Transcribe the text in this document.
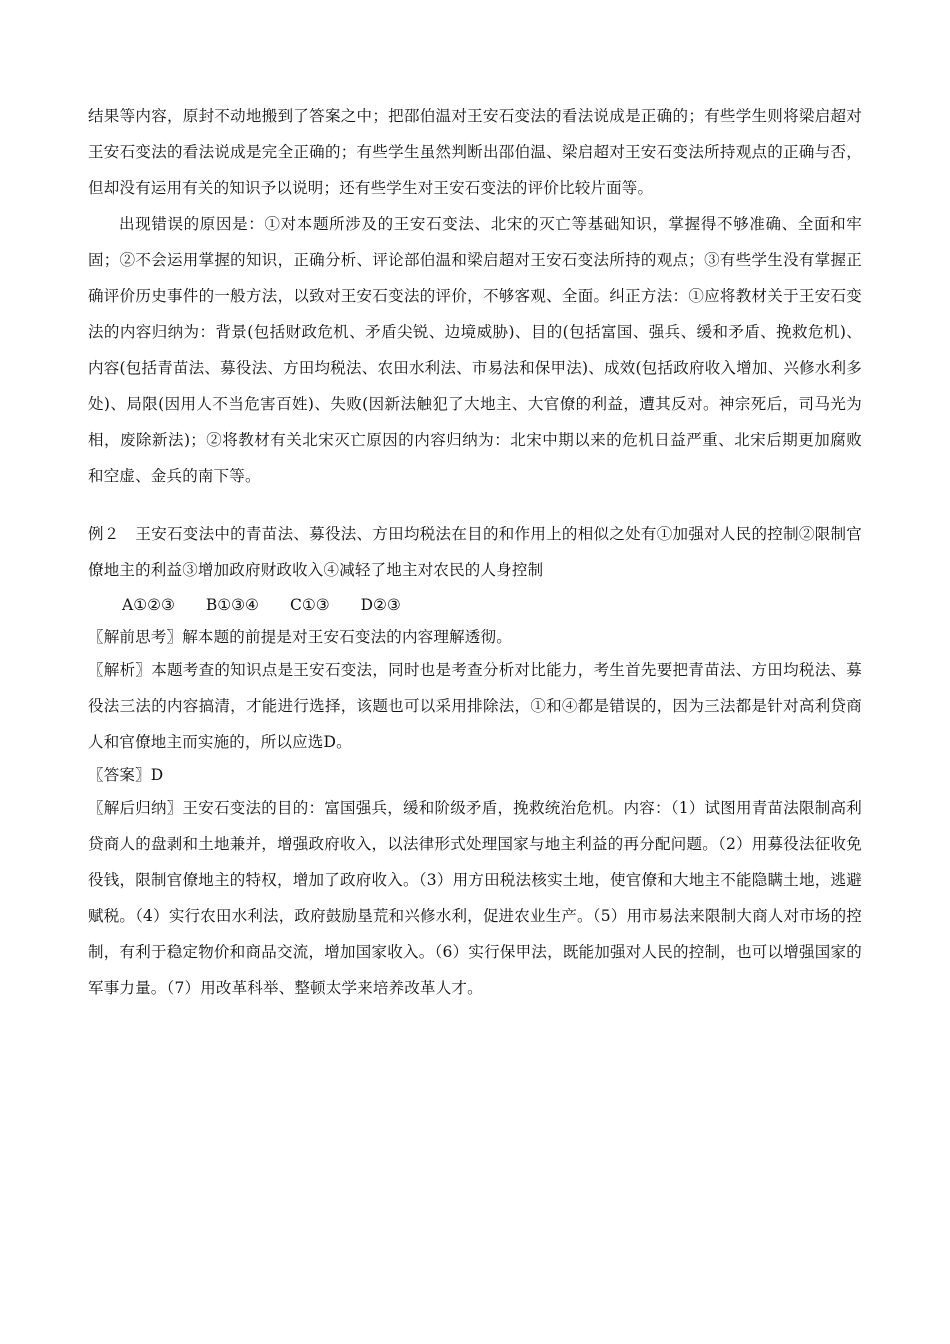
结果等内容，原封不动地搬到了答案之中；把邵伯温对王安石变法的看法说成是正确的；有些学生则将梁启超对王安石变法的看法说成是完全正确的；有些学生虽然判断出邵伯温、梁启超对王安石变法所持观点的正确与否，但却没有运用有关的知识予以说明；还有些学生对王安石变法的评价比较片面等。

出现错误的原因是：①对本题所涉及的王安石变法、北宋的灭亡等基础知识，掌握得不够准确、全面和牢固；②不会运用掌握的知识，正确分析、评论部伯温和梁启超对王安石变法所持的观点；③有些学生没有掌握正确评价历史事件的一般方法，以致对王安石变法的评价，不够客观、全面。纠正方法：①应将教材关于王安石变法的内容归纳为：背景(包括财政危机、矛盾尖锐、边境威胁)、目的(包括富国、强兵、缓和矛盾、挽救危机)、内容(包括青苗法、募役法、方田均税法、农田水利法、市易法和保甲法)、成效(包括政府收入增加、兴修水利多处)、局限(因用人不当危害百姓)、失败(因新法触犯了大地主、大官僚的利益，遭其反对。神宗死后，司马光为相，废除新法)；②将教材有关北宋灭亡原因的内容归纳为：北宋中期以来的危机日益严重、北宋后期更加腐败和空虚、金兵的南下等。

例２　王安石变法中的青苗法、募役法、方田均税法在目的和作用上的相似之处有①加强对人民的控制②限制官僚地主的利益③增加政府财政收入④减轻了地主对农民的人身控制

A①②③　　B①③④　　C①③　　D②③

〖解前思考〗解本题的前提是对王安石变法的内容理解透彻。

〖解析〗本题考查的知识点是王安石变法，同时也是考查分析对比能力，考生首先要把青苗法、方田均税法、募役法三法的内容搞清，才能进行选择，该题也可以采用排除法，①和④都是错误的，因为三法都是针对高利贷商人和官僚地主而实施的，所以应选D。

〖答案〗D

〖解后归纳〗王安石变法的目的：富国强兵，缓和阶级矛盾，挽救统治危机。内容：（1）试图用青苗法限制高利贷商人的盘剥和土地兼并，增强政府收入，以法律形式处理国家与地主利益的再分配问题。（2）用募役法征收免役钱，限制官僚地主的特权，增加了政府收入。（3）用方田税法核实土地，使官僚和大地主不能隐瞒土地，逃避赋税。（4）实行农田水利法，政府鼓励垦荒和兴修水利，促进农业生产。（5）用市易法来限制大商人对市场的控制，有利于稳定物价和商品交流，增加国家收入。（6）实行保甲法，既能加强对人民的控制，也可以增强国家的军事力量。（7）用改革科举、整顿太学来培养改革人才。
